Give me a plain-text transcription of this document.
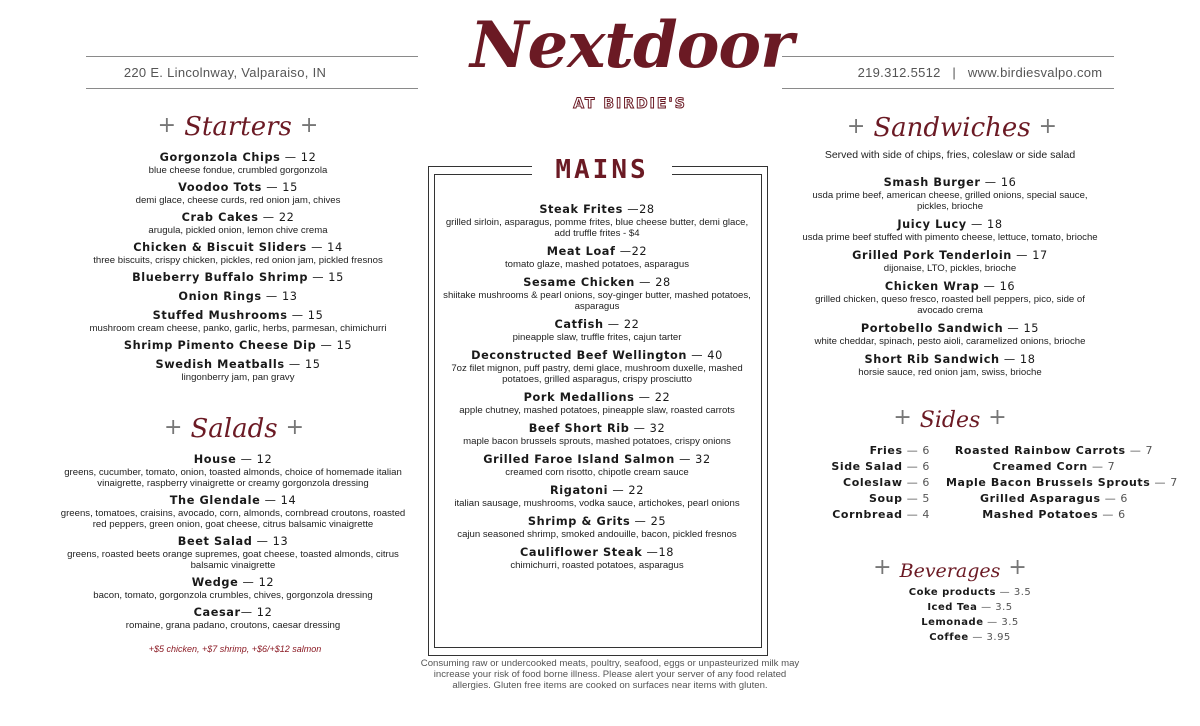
220 E. Lincolnway, Valparaiso, IN	219.312.5512   |   www.birdiesvalpo.com
Nextdoor
AT BIRDIE'S
+ Starters +
Gorgonzola Chips — 12
blue cheese fondue, crumbled gorgonzola
Voodoo Tots — 15
demi glace, cheese curds, red onion jam, chives
Crab Cakes — 22
arugula, pickled onion, lemon chive crema
Chicken & Biscuit Sliders — 14
three biscuits, crispy chicken, pickles, red onion jam, pickled fresnos
Blueberry Buffalo Shrimp — 15
Onion Rings — 13
Stuffed Mushrooms — 15
mushroom cream cheese, panko, garlic, herbs, parmesan, chimichurri
Shrimp Pimento Cheese Dip — 15
Swedish Meatballs — 15
lingonberry jam, pan gravy
+ Salads +
House — 12
greens, cucumber, tomato, onion, toasted almonds, choice of homemade italian vinaigrette, raspberry vinaigrette or creamy gorgonzola dressing
The Glendale — 14
greens, tomatoes, craisins, avocado, corn, almonds, cornbread croutons, roasted red peppers, green onion, goat cheese, citrus balsamic vinaigrette
Beet Salad — 13
greens, roasted beets orange supremes, goat cheese, toasted almonds, citrus balsamic vinaigrette
Wedge — 12
bacon, tomato, gorgonzola crumbles, chives, gorgonzola dressing
Caesar— 12
romaine, grana padano, croutons, caesar dressing
+$5 chicken, +$7 shrimp, +$6/+$12 salmon
MAINS
Steak Frites —28
grilled sirloin, asparagus, pomme frites, blue cheese butter, demi glace, add truffle frites - $4
Meat Loaf —22
tomato glaze, mashed potatoes, asparagus
Sesame Chicken — 28
shiitake mushrooms & pearl onions, soy-ginger butter, mashed potatoes, asparagus
Catfish — 22
pineapple slaw, truffle frites, cajun tarter
Deconstructed Beef Wellington — 40
7oz filet mignon, puff pastry, demi glace, mushroom duxelle, mashed potatoes, grilled asparagus, crispy prosciutto
Pork Medallions — 22
apple chutney, mashed potatoes, pineapple slaw, roasted carrots
Beef Short Rib — 32
maple bacon brussels sprouts, mashed potatoes, crispy onions
Grilled Faroe Island Salmon — 32
creamed corn risotto, chipotle cream sauce
Rigatoni — 22
italian sausage, mushrooms, vodka sauce, artichokes, pearl onions
Shrimp & Grits — 25
cajun seasoned shrimp, smoked andouille, bacon, pickled fresnos
Cauliflower Steak —18
chimichurri, roasted potatoes, asparagus
Consuming raw or undercooked meats, poultry, seafood, eggs or unpasteurized milk may increase your risk of food borne illness. Please alert your server of any food related allergies. Gluten free items are cooked on surfaces near items with gluten.
+ Sandwiches +
Served with side of chips, fries, coleslaw or side salad
Smash Burger — 16
usda prime beef, american cheese, grilled onions, special sauce, pickles, brioche
Juicy Lucy — 18
usda prime beef stuffed with pimento cheese, lettuce, tomato, brioche
Grilled Pork Tenderloin — 17
dijonaise, LTO, pickles, brioche
Chicken Wrap — 16
grilled chicken, queso fresco, roasted bell peppers, pico, side of avocado crema
Portobello Sandwich — 15
white cheddar, spinach, pesto aioli, caramelized onions, brioche
Short Rib Sandwich — 18
horsie sauce, red onion jam, swiss, brioche
+ Sides +
Fries — 6
Side Salad — 6
Coleslaw — 6
Soup — 5
Cornbread — 4
Roasted Rainbow Carrots — 7
Creamed Corn — 7
Maple Bacon Brussels Sprouts — 7
Grilled Asparagus — 6
Mashed Potatoes — 6
+ Beverages +
Coke products — 3.5
Iced Tea — 3.5
Lemonade — 3.5
Coffee — 3.95
